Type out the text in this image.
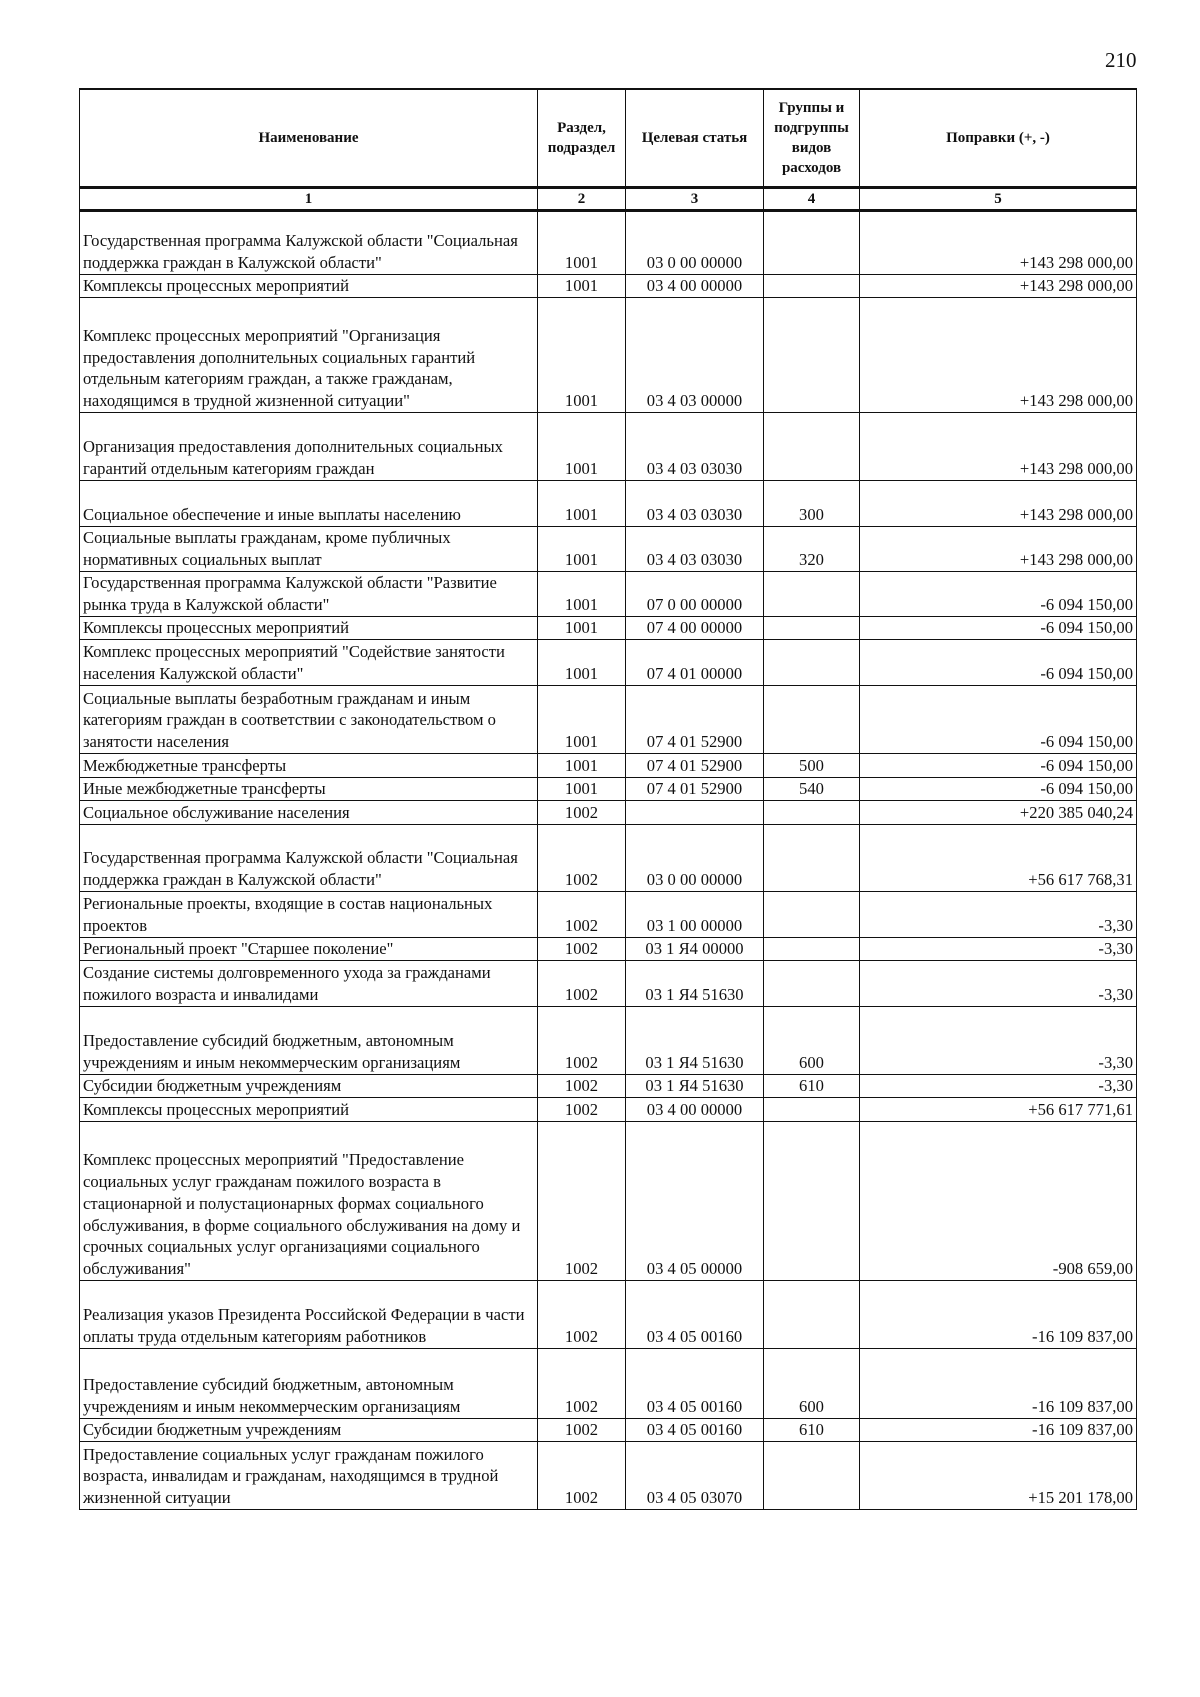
210
Наименование	Раздел, подраздел	Целевая статья	Группы и подгруппы видов расходов	Поправки (+, -)
1	2	3	4	5
Государственная программа Калужской области "Социальная поддержка граждан в Калужской области"	1001	03 0 00 00000		+143 298 000,00
Комплексы процессных мероприятий	1001	03 4 00 00000		+143 298 000,00
Комплекс процессных мероприятий "Организация предоставления дополнительных социальных гарантий отдельным категориям граждан, а также гражданам, находящимся в трудной жизненной ситуации"	1001	03 4 03 00000		+143 298 000,00
Организация предоставления дополнительных социальных гарантий отдельным категориям граждан	1001	03 4 03 03030		+143 298 000,00
Социальное обеспечение и иные выплаты населению	1001	03 4 03 03030	300	+143 298 000,00
Социальные выплаты гражданам, кроме публичных нормативных социальных выплат	1001	03 4 03 03030	320	+143 298 000,00
Государственная программа Калужской области "Развитие рынка труда в Калужской области"	1001	07 0 00 00000		-6 094 150,00
Комплексы процессных мероприятий	1001	07 4 00 00000		-6 094 150,00
Комплекс процессных мероприятий "Содействие занятости населения Калужской области"	1001	07 4 01 00000		-6 094 150,00
Социальные выплаты безработным гражданам и иным категориям граждан в соответствии с законодательством о занятости населения	1001	07 4 01 52900		-6 094 150,00
Межбюджетные трансферты	1001	07 4 01 52900	500	-6 094 150,00
Иные межбюджетные трансферты	1001	07 4 01 52900	540	-6 094 150,00
Социальное обслуживание населения	1002			+220 385 040,24
Государственная программа Калужской области "Социальная поддержка граждан в Калужской области"	1002	03 0 00 00000		+56 617 768,31
Региональные проекты, входящие в состав национальных проектов	1002	03 1 00 00000		-3,30
Региональный проект "Старшее поколение"	1002	03 1 Я4 00000		-3,30
Создание системы долговременного ухода за гражданами пожилого возраста и инвалидами	1002	03 1 Я4 51630		-3,30
Предоставление субсидий бюджетным, автономным учреждениям и иным некоммерческим организациям	1002	03 1 Я4 51630	600	-3,30
Субсидии бюджетным учреждениям	1002	03 1 Я4 51630	610	-3,30
Комплексы процессных мероприятий	1002	03 4 00 00000		+56 617 771,61
Комплекс процессных мероприятий "Предоставление социальных услуг гражданам пожилого возраста в стационарной и полустационарных формах социального обслуживания, в форме социального обслуживания на дому и срочных социальных услуг организациями социального обслуживания"	1002	03 4 05 00000		-908 659,00
Реализация указов Президента Российской Федерации в части оплаты труда отдельным категориям работников	1002	03 4 05 00160		-16 109 837,00
Предоставление субсидий бюджетным, автономным учреждениям и иным некоммерческим организациям	1002	03 4 05 00160	600	-16 109 837,00
Субсидии бюджетным учреждениям	1002	03 4 05 00160	610	-16 109 837,00
Предоставление социальных услуг гражданам пожилого возраста, инвалидам и гражданам, находящимся в трудной жизненной ситуации	1002	03 4 05 03070		+15 201 178,00
